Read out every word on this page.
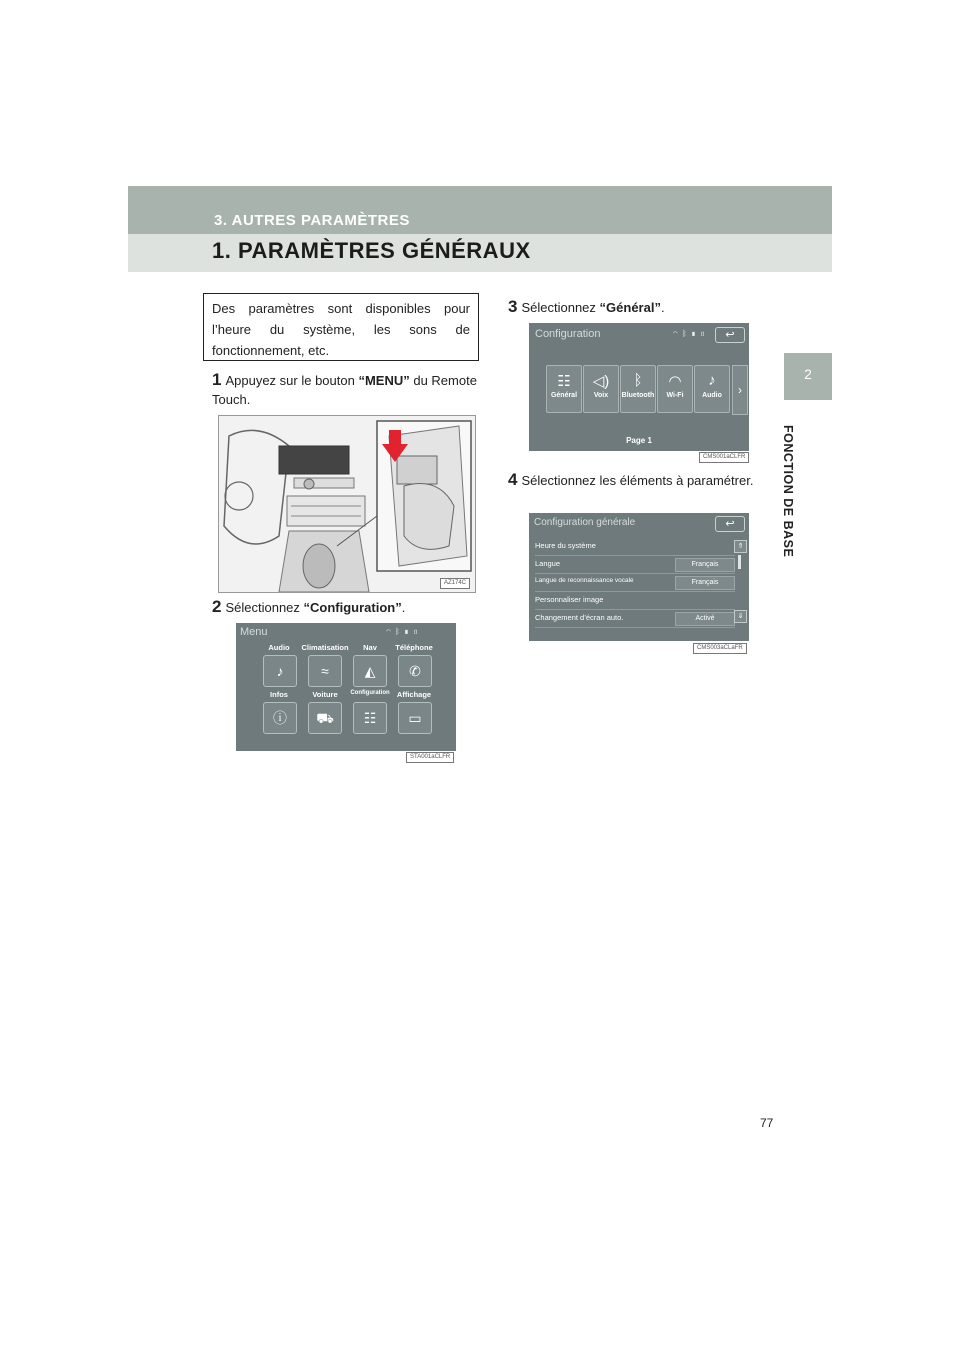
3. AUTRES PARAMÈTRES
1. PARAMÈTRES GÉNÉRAUX
2
FONCTION DE BASE

Des paramètres sont disponibles pour l’heure du système, les sons de fonctionnement, etc.

1 Appuyez sur le bouton “MENU” du Remote Touch.
AZ174C
2 Sélectionnez “Configuration”.
Menu	◠ ᛒ ▮ ▯
Audio	Climatisation	Nav	Téléphone
♪	≈	◭	✆
Infos	Voiture	Configuration Affichage
ⓘ	⛟	☷	▭
STA001aCLFR
3 Sélectionnez “Général”.
Configuration	◠ ᛒ ▮ ▯	↩
☷
Général
◁)
Voix
ᛒ
Bluetooth
◠
Wi-Fi
♪
Audio	›
Page 1
CMS001aCLFR
4 Sélectionnez les éléments à paramétrer.
Configuration générale	↩
Heure du système
Langue	Français
Langue de reconnaissance vocale	Français
Personnaliser image
Changement d’écran auto.	Activé
⇑
⇓
CMS003aCLaFR
77
